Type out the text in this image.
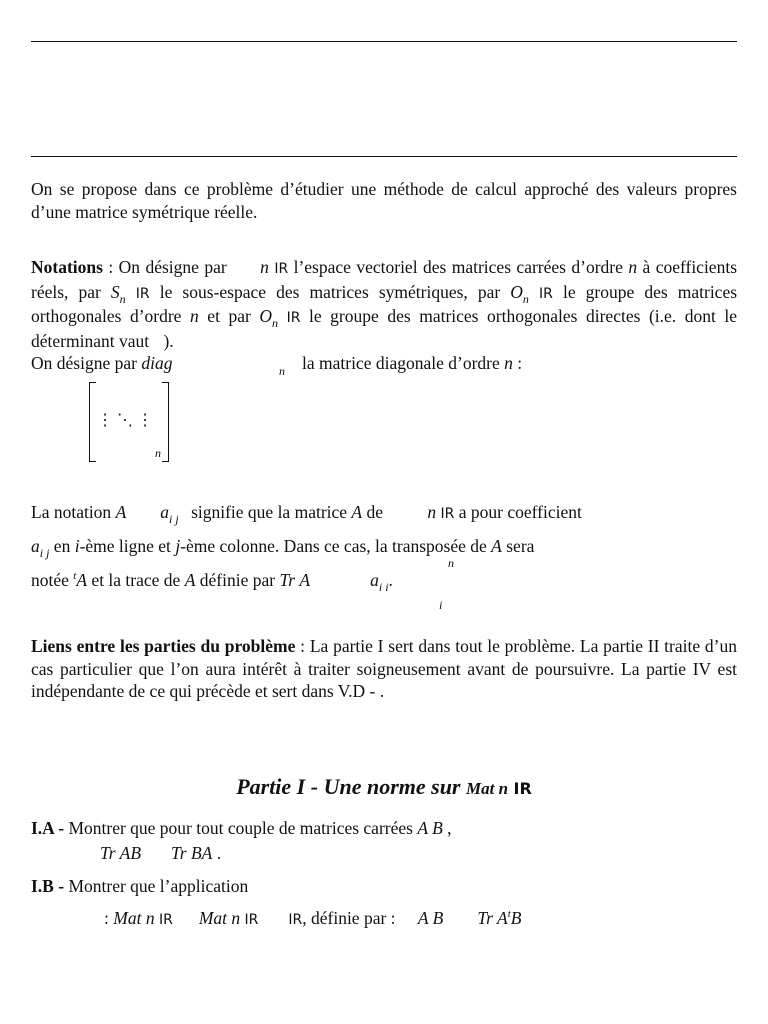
On se propose dans ce problème d’étudier une méthode de calcul approché des valeurs propres d’une matrice symétrique réelle.
Notations : On désigne par n IR l’espace vectoriel des matrices carrées d’ordre n à coefficients réels, par $S_n$ IR le sous-espace des matrices symétriques, par $O_n$ IR le groupe des matrices orthogonales d’ordre n et par $O_n$ IR le groupe des matrices orthogonales directes (i.e. dont le déterminant vaut ).
On désigne par diag	n la matrice diagonale d’ordre n :
⋮ ⋱ ⋮
n
La notation A $a_{i j}$ signifie que la matrice A de n IR a pour coefficient
$a_{i j}$ en i-ème ligne et j-ème colonne. Dans ce cas, la transposée de A sera
n
notée $^t$A et la trace de A définie par Tr A	$a_{i i}$.
i
Liens entre les parties du problème : La partie I sert dans tout le problème. La partie II traite d’un cas particulier que l’on aura intérêt à traiter soigneusement avant de poursuivre. La partie IV est indépendante de ce qui précède et sert dans V.D - .
Partie I - Une norme sur Mat n IR
I.A - Montrer que pour tout couple de matrices carrées A B ,
Tr AB Tr BA .
I.B - Montrer que l’application
: Mat n IR Mat n IR IR, définie par : A B Tr $A^tB$
